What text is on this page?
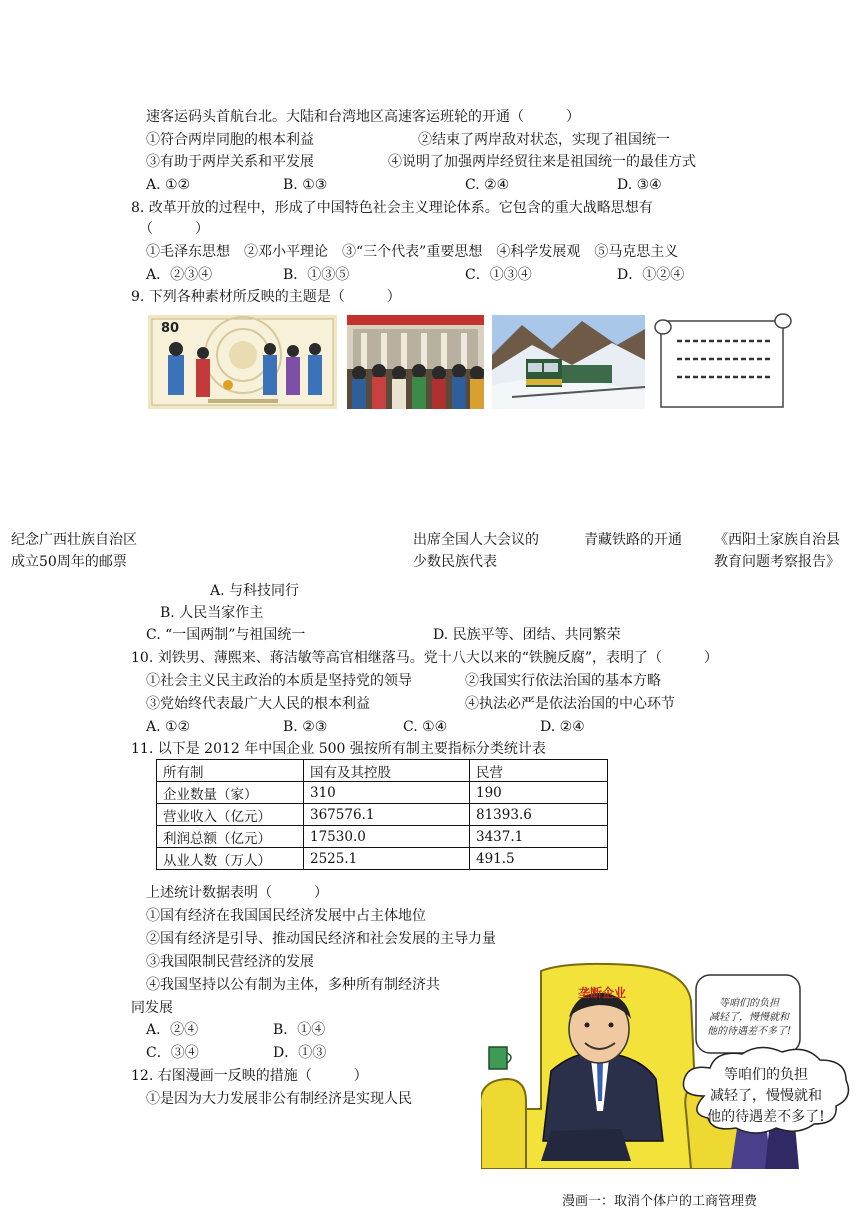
速客运码头首航台北。大陆和台湾地区高速客运班轮的开通（　　　）
①符合两岸同胞的根本利益	②结束了两岸敌对状态，实现了祖国统一
③有助于两岸关系和平发展	④说明了加强两岸经贸往来是祖国统一的最佳方式
A. ①②	B. ①③	C. ②④	D. ③④
8. 改革开放的过程中，形成了中国特色社会主义理论体系。它包含的重大战略思想有
（　　　）
①毛泽东思想　②邓小平理论　③“三个代表”重要思想　④科学发展观　⑤马克思主义
A．②③④	B．①③⑤	C．①③④	D．①②④
9. 下列各种素材所反映的主题是（　　　）
80
纪念广西壮族自治区
成立50周年的邮票
出席全国人大会议的
少数民族代表
青藏铁路的开通 《西阳土家族自治县
教育问题考察报告》
A. 与科技同行
B. 人民当家作主
C. “一国两制”与祖国统一	D. 民族平等、团结、共同繁荣
10. 刘铁男、薄熙来、蒋洁敏等高官相继落马。党十八大以来的“铁腕反腐”，表明了（　　　）
①社会主义民主政治的本质是坚持党的领导	②我国实行依法治国的基本方略
③党始终代表最广大人民的根本利益	④执法必严是依法治国的中心环节
A. ①②	B. ②③	C. ①④	D. ②④
11. 以下是 2012 年中国企业 500 强按所有制主要指标分类统计表
所有制	国有及其控股	民营
企业数量（家）	310	190
营业收入（亿元）	367576.1	81393.6
利润总额（亿元）	17530.0	3437.1
从业人数（万人）	2525.1	491.5
上述统计数据表明（　　　）
①国有经济在我国国民经济发展中占主体地位
②国有经济是引导、推动国民经济和社会发展的主导力量
③我国限制民营经济的发展
④我国坚持以公有制为主体，多种所有制经济共
同发展
A．②④	B．①④
C．③④	D．①③
12. 右图漫画一反映的措施（　　　）
①是因为大力发展非公有制经济是实现人民
垄断企业
等咱们的负担
减轻了，慢慢就和
他的待遇差不多了!
等咱们的负担
减轻了，慢慢就和
他的待遇差不多了!
漫画一：取消个体户的工商管理费
